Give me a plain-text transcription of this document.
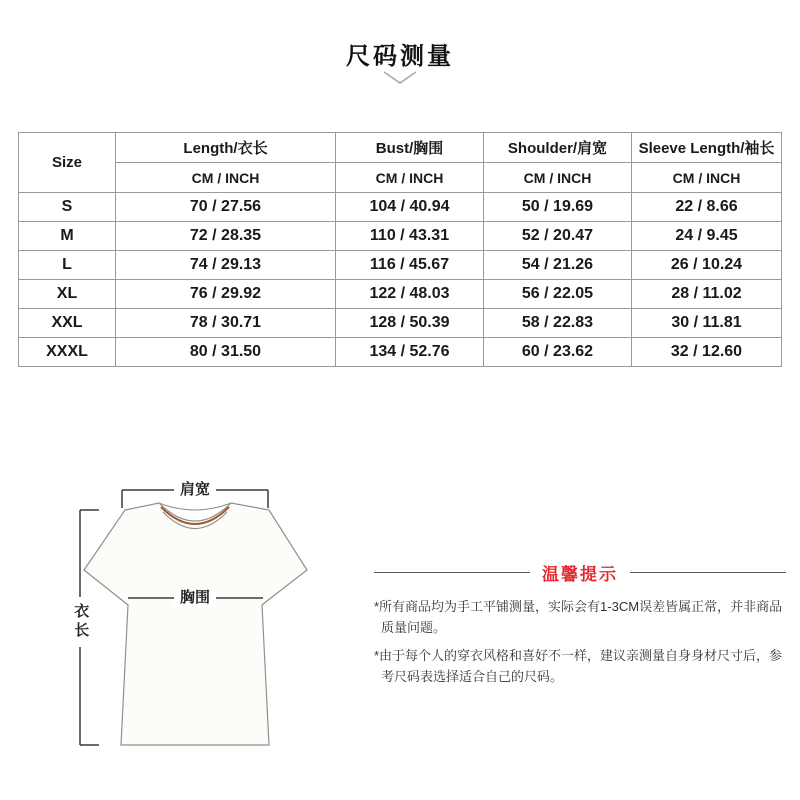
尺码测量
Size	Length/衣长	Bust/胸围	Shoulder/肩宽	Sleeve Length/袖长
	CM / INCH	CM / INCH	CM / INCH	CM / INCH
S	70 / 27.56	104 / 40.94	50 / 19.69	22 / 8.66
M	72 / 28.35	110 / 43.31	52 / 20.47	24 / 9.45
L	74 / 29.13	116 / 45.67	54 / 21.26	26 / 10.24
XL	76 / 29.92	122 / 48.03	56 / 22.05	28 / 11.02
XXL	78 / 30.71	128 / 50.39	58 / 22.83	30 / 11.81
XXXL	80 / 31.50	134 / 52.76	60 / 23.62	32 / 12.60
肩宽
胸围
衣长
温馨提示
*所有商品均为手工平铺测量，实际会有1-3CM误差皆属正常，并非商品质量问题。
*由于每个人的穿衣风格和喜好不一样，建议亲测量自身身材尺寸后，参考尺码表选择适合自己的尺码。
